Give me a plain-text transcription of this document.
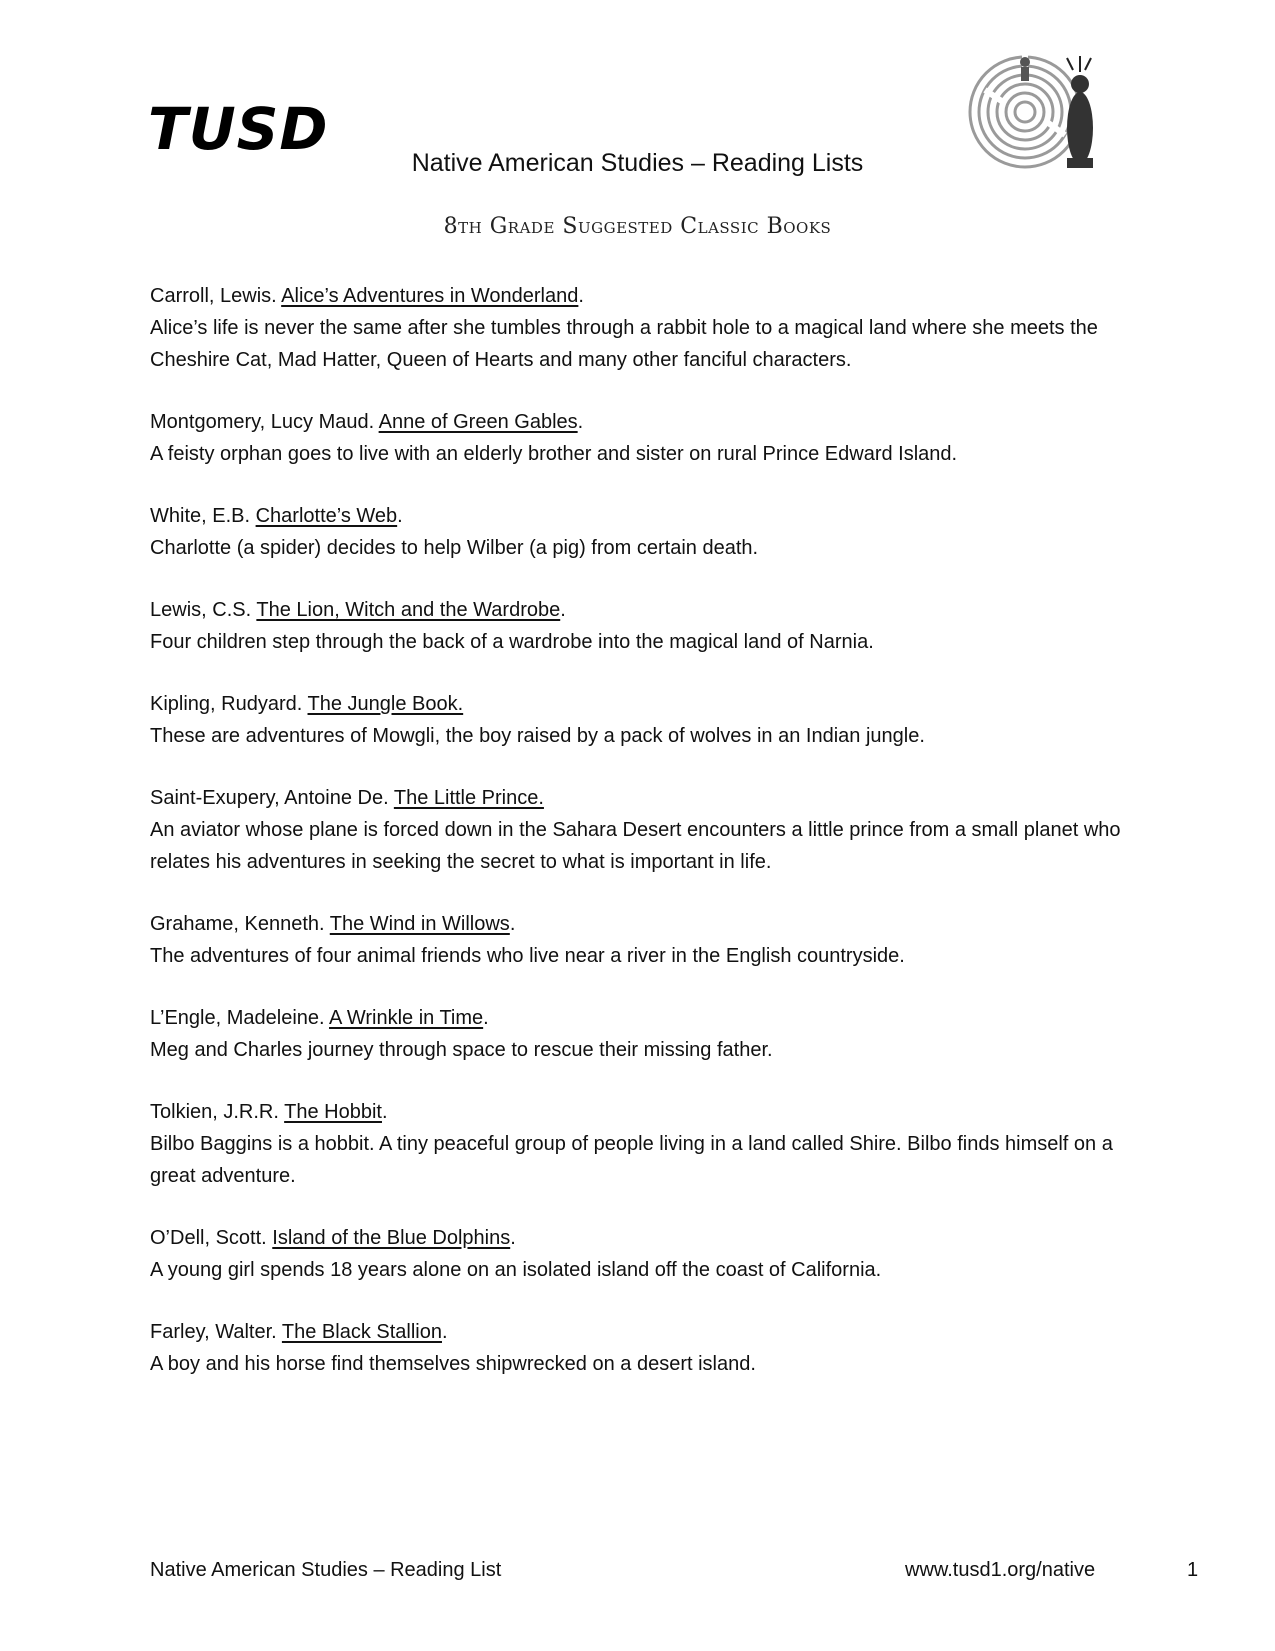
TUSD	Native American Studies – Reading Lists
8th Grade Suggested Classic Books

Carroll, Lewis. Alice’s Adventures in Wonderland.

Alice’s life is never the same after she tumbles through a rabbit hole to a magical land where she meets the Cheshire Cat, Mad Hatter, Queen of Hearts and many other fanciful characters.

Montgomery, Lucy Maud. Anne of Green Gables.

A feisty orphan goes to live with an elderly brother and sister on rural Prince Edward Island.

White, E.B. Charlotte’s Web.

Charlotte (a spider) decides to help Wilber (a pig) from certain death.

Lewis, C.S. The Lion, Witch and the Wardrobe.

Four children step through the back of a wardrobe into the magical land of Narnia.

Kipling, Rudyard. The Jungle Book.

These are adventures of Mowgli, the boy raised by a pack of wolves in an Indian jungle.

Saint-Exupery, Antoine De. The Little Prince.

An aviator whose plane is forced down in the Sahara Desert encounters a little prince from a small planet who relates his adventures in seeking the secret to what is important in life.

Grahame, Kenneth. The Wind in Willows.

The adventures of four animal friends who live near a river in the English countryside.

L’Engle, Madeleine. A Wrinkle in Time.

Meg and Charles journey through space to rescue their missing father.

Tolkien, J.R.R. The Hobbit.

Bilbo Baggins is a hobbit. A tiny peaceful group of people living in a land called Shire. Bilbo finds himself on a great adventure.

O’Dell, Scott. Island of the Blue Dolphins.

A young girl spends 18 years alone on an isolated island off the coast of California.

Farley, Walter. The Black Stallion.

A boy and his horse find themselves shipwrecked on a desert island.

Native American Studies – Reading List	www.tusd1.org/native	1
